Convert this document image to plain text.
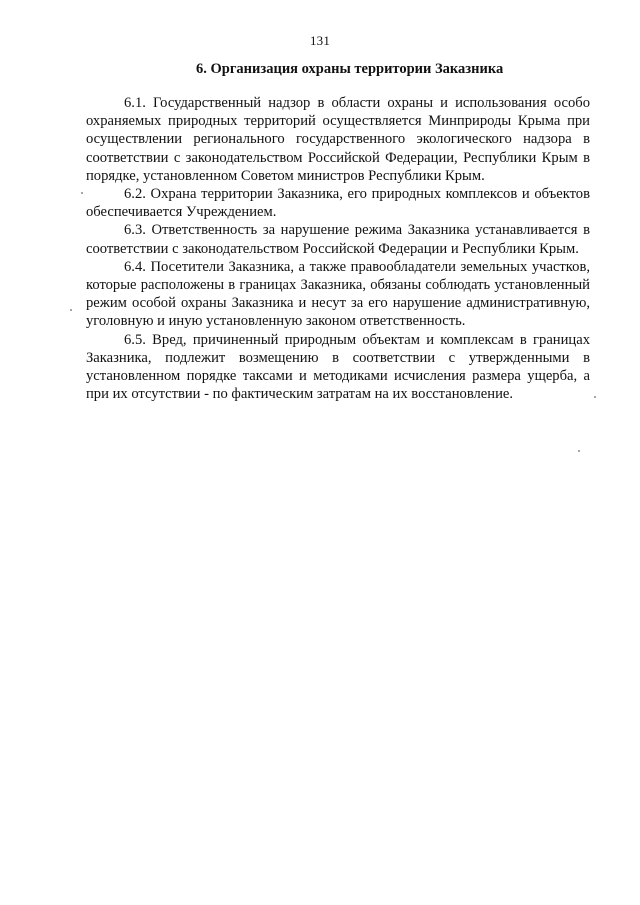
131
6. Организация охраны территории Заказника

6.1. Государственный надзор в области охраны и использования особо охраняемых природных территорий осуществляется Минприроды Крыма при осуществлении регионального государственного экологического надзора в соответствии с законодательством Российской Федерации, Республики Крым в порядке, установленном Советом министров Республики Крым.

6.2. Охрана территории Заказника, его природных комплексов и объектов обеспечивается Учреждением.

6.3. Ответственность за нарушение режима Заказника устанавливается в соответствии с законодательством Российской Федерации и Республики Крым.

6.4. Посетители Заказника, а также правообладатели земельных участков, которые расположены в границах Заказника, обязаны соблюдать установленный режим особой охраны Заказника и несут за его нарушение административную, уголовную и иную установленную законом ответственность.

6.5. Вред, причиненный природным объектам и комплексам в границах Заказника, подлежит возмещению в соответствии с утвержденными в установленном порядке таксами и методиками исчисления размера ущерба, а при их отсутствии - по фактическим затратам на их восстановление.
